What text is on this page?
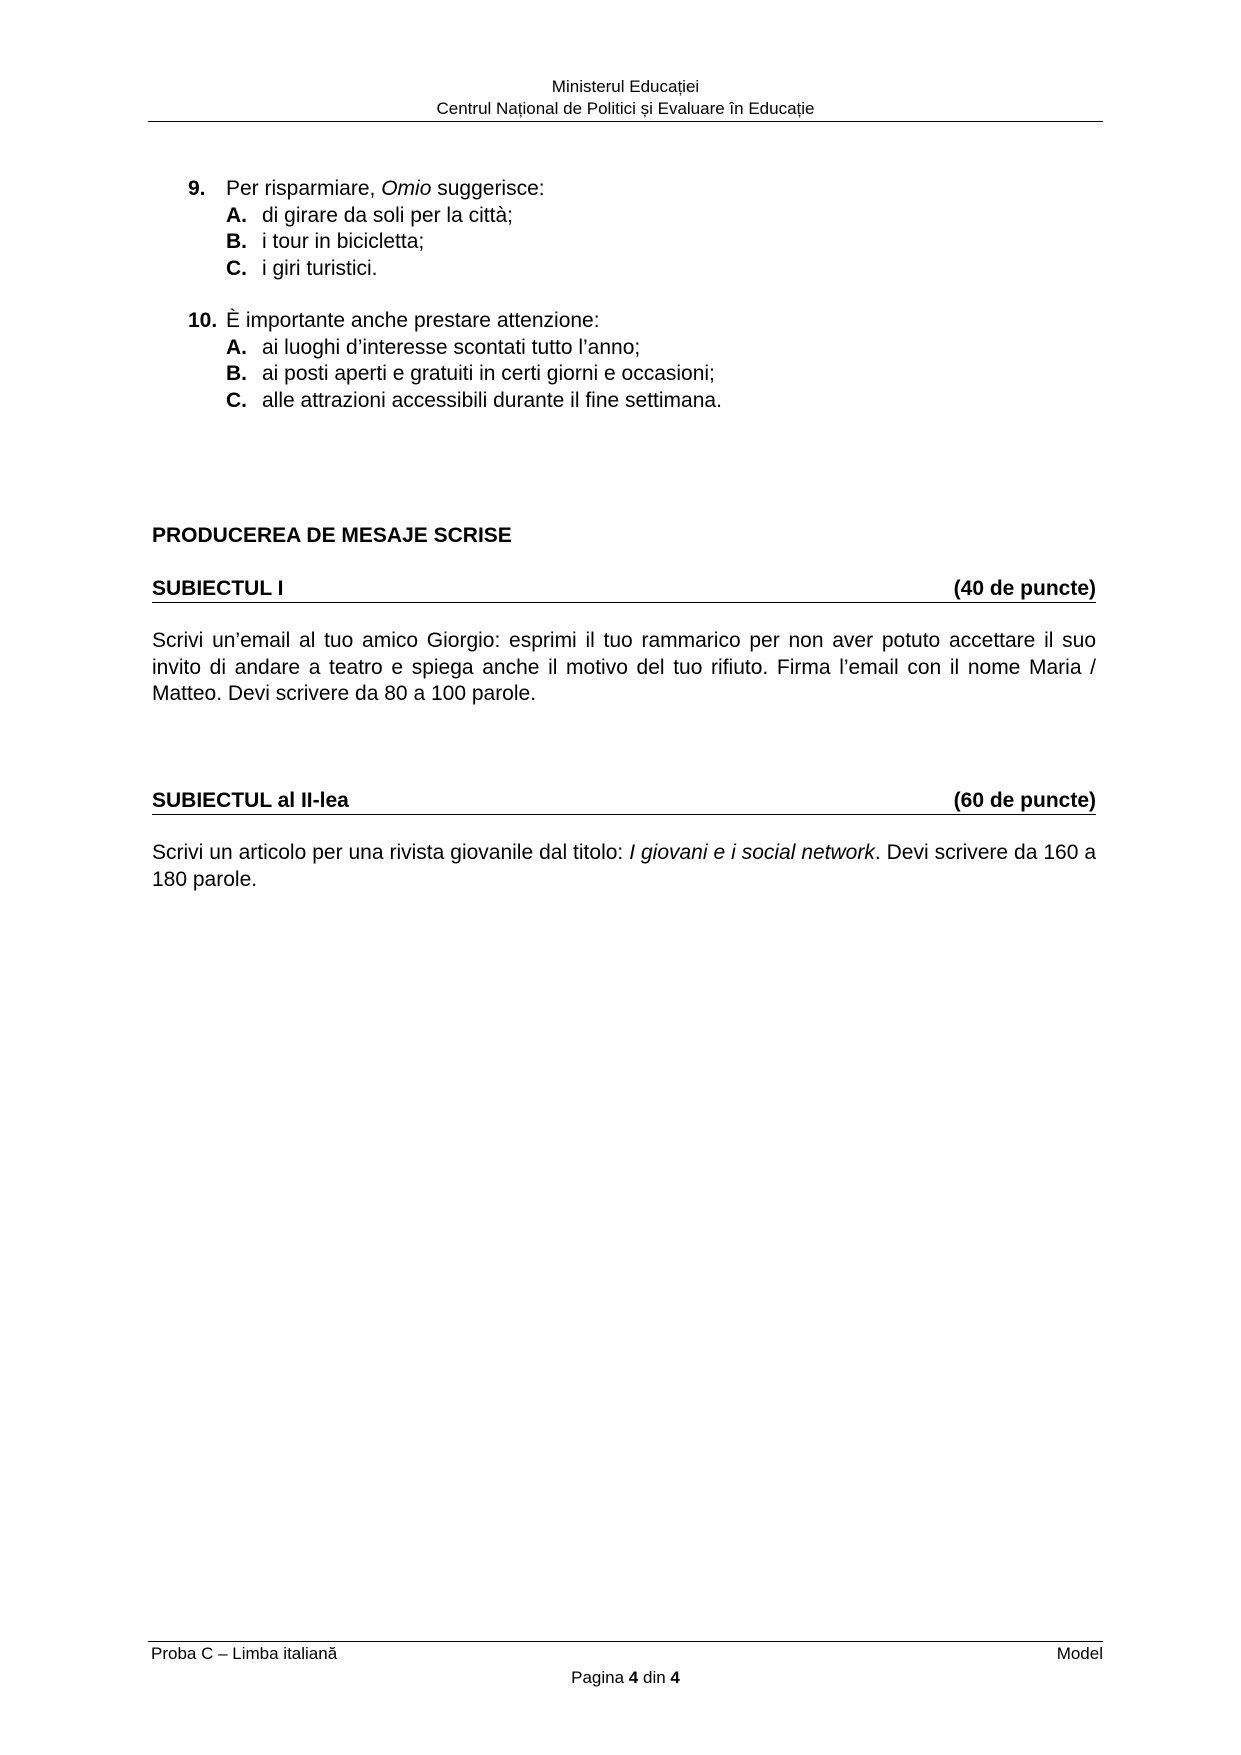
Ministerul Educației
Centrul Național de Politici și Evaluare în Educație
9. Per risparmiare, Omio suggerisce:
A. di girare da soli per la città;
B. i tour in bicicletta;
C. i giri turistici.
10. È importante anche prestare attenzione:
A. ai luoghi d’interesse scontati tutto l’anno;
B. ai posti aperti e gratuiti in certi giorni e occasioni;
C. alle attrazioni accessibili durante il fine settimana.
PRODUCEREA DE MESAJE SCRISE
SUBIECTUL I	(40 de puncte)
Scrivi un’email al tuo amico Giorgio: esprimi il tuo rammarico per non aver potuto accettare il suo invito di andare a teatro e spiega anche il motivo del tuo rifiuto. Firma l’email con il nome Maria / Matteo. Devi scrivere da 80 a 100 parole.
SUBIECTUL al II-lea	(60 de puncte)
Scrivi un articolo per una rivista giovanile dal titolo: I giovani e i social network. Devi scrivere da 160 a 180 parole.
Proba C – Limba italiană	Model
Pagina 4 din 4
